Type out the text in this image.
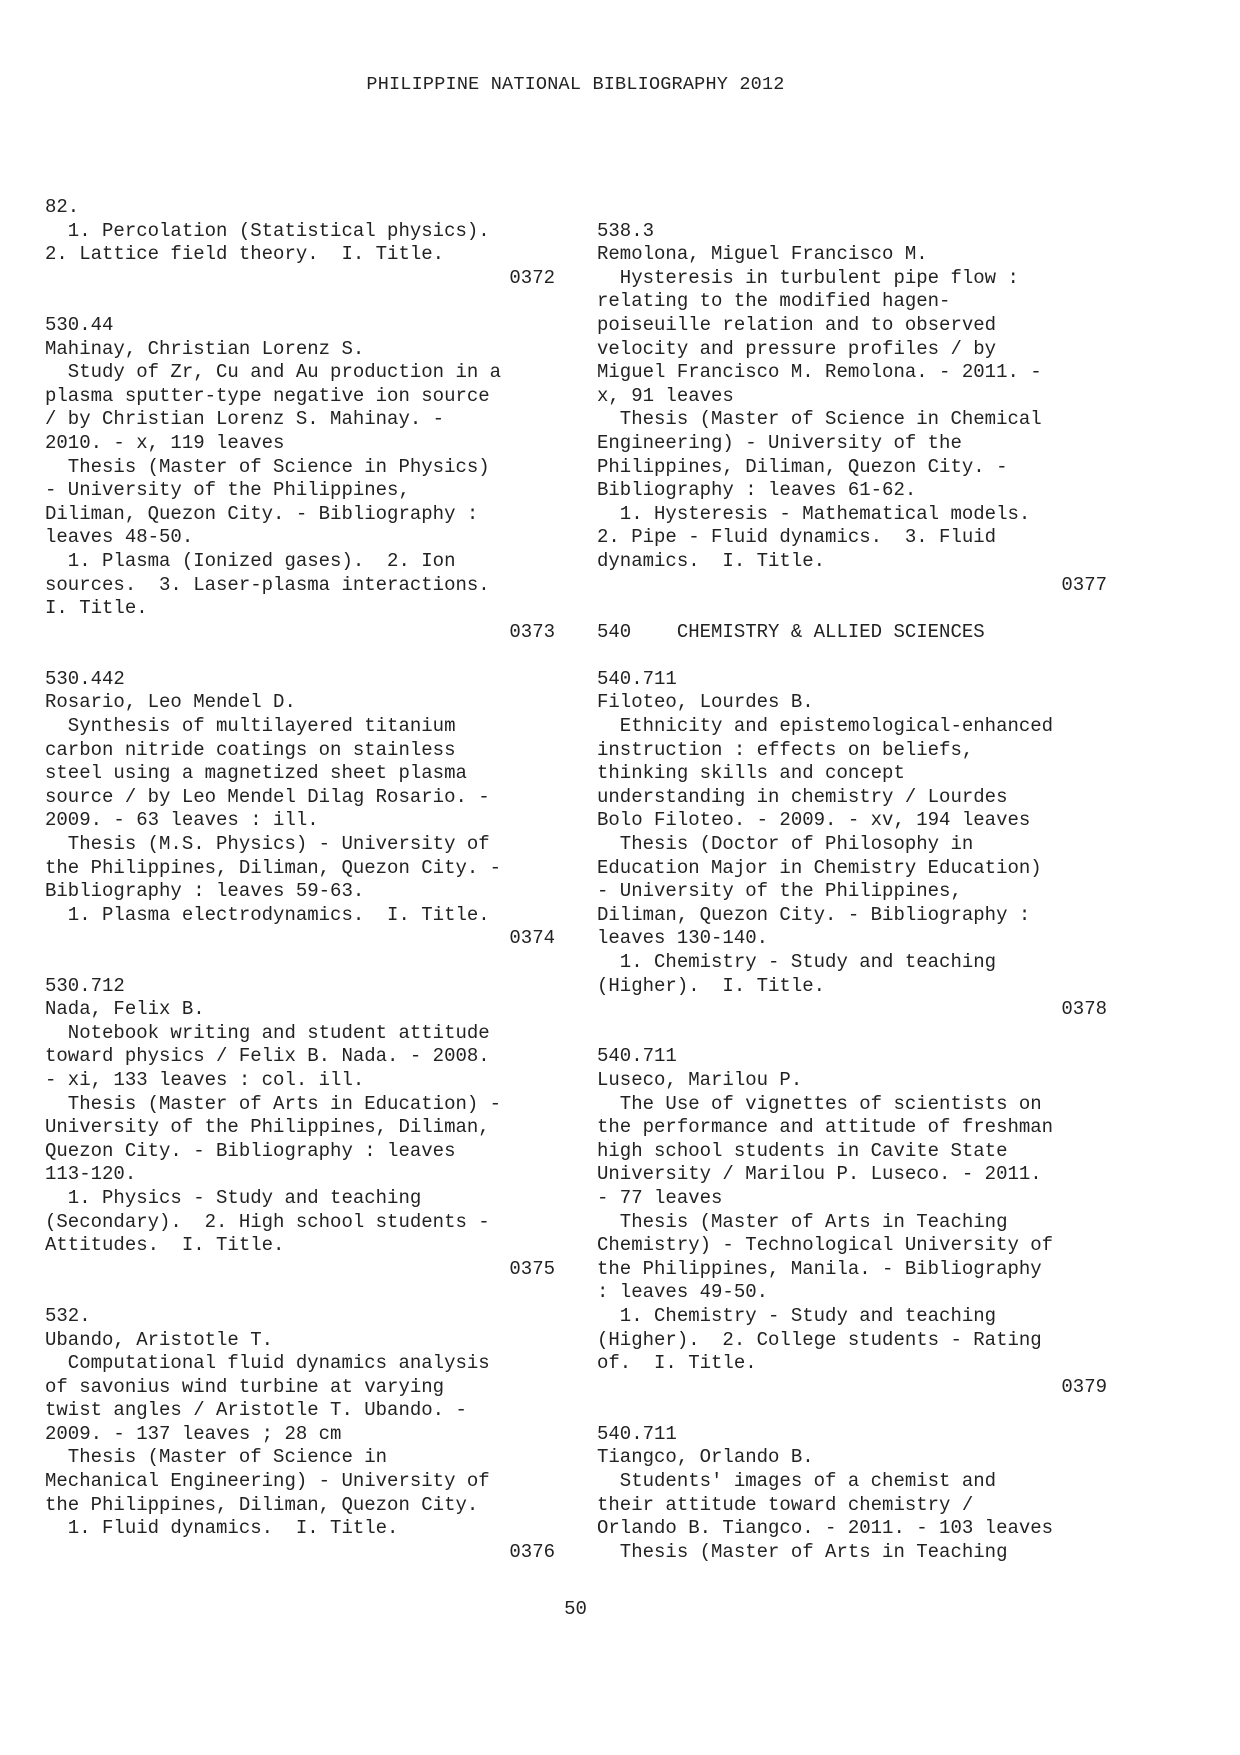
PHILIPPINE NATIONAL BIBLIOGRAPHY 2012
82.
1. Percolation (Statistical physics).
2. Lattice field theory.  I. Title.
0372
530.44
Mahinay, Christian Lorenz S.
Study of Zr, Cu and Au production in a
plasma sputter-type negative ion source
/ by Christian Lorenz S. Mahinay. -
2010. - x, 119 leaves
Thesis (Master of Science in Physics)
- University of the Philippines,
Diliman, Quezon City. - Bibliography :
leaves 48-50.
1. Plasma (Ionized gases).  2. Ion
sources.  3. Laser-plasma interactions.
I. Title.
0373
530.442
Rosario, Leo Mendel D.
Synthesis of multilayered titanium
carbon nitride coatings on stainless
steel using a magnetized sheet plasma
source / by Leo Mendel Dilag Rosario. -
2009. - 63 leaves : ill.
Thesis (M.S. Physics) - University of
the Philippines, Diliman, Quezon City. -
Bibliography : leaves 59-63.
1. Plasma electrodynamics.  I. Title.
0374
530.712
Nada, Felix B.
Notebook writing and student attitude
toward physics / Felix B. Nada. - 2008.
- xi, 133 leaves : col. ill.
Thesis (Master of Arts in Education) -
University of the Philippines, Diliman,
Quezon City. - Bibliography : leaves
113-120.
1. Physics - Study and teaching
(Secondary).  2. High school students -
Attitudes.  I. Title.
0375
532.
Ubando, Aristotle T.
Computational fluid dynamics analysis
of savonius wind turbine at varying
twist angles / Aristotle T. Ubando. -
2009. - 137 leaves ; 28 cm
Thesis (Master of Science in
Mechanical Engineering) - University of
the Philippines, Diliman, Quezon City.
1. Fluid dynamics.  I. Title.
0376
538.3
Remolona, Miguel Francisco M.
Hysteresis in turbulent pipe flow :
relating to the modified hagen-
poiseuille relation and to observed
velocity and pressure profiles / by
Miguel Francisco M. Remolona. - 2011. -
x, 91 leaves
Thesis (Master of Science in Chemical
Engineering) - University of the
Philippines, Diliman, Quezon City. -
Bibliography : leaves 61-62.
1. Hysteresis - Mathematical models.
2. Pipe - Fluid dynamics.  3. Fluid
dynamics.  I. Title.
0377
540    CHEMISTRY & ALLIED SCIENCES
540.711
Filoteo, Lourdes B.
Ethnicity and epistemological-enhanced
instruction : effects on beliefs,
thinking skills and concept
understanding in chemistry / Lourdes
Bolo Filoteo. - 2009. - xv, 194 leaves
Thesis (Doctor of Philosophy in
Education Major in Chemistry Education)
- University of the Philippines,
Diliman, Quezon City. - Bibliography :
leaves 130-140.
1. Chemistry - Study and teaching
(Higher).  I. Title.
0378
540.711
Luseco, Marilou P.
The Use of vignettes of scientists on
the performance and attitude of freshman
high school students in Cavite State
University / Marilou P. Luseco. - 2011.
- 77 leaves
Thesis (Master of Arts in Teaching
Chemistry) - Technological University of
the Philippines, Manila. - Bibliography
: leaves 49-50.
1. Chemistry - Study and teaching
(Higher).  2. College students - Rating
of.  I. Title.
0379
540.711
Tiangco, Orlando B.
Students' images of a chemist and
their attitude toward chemistry /
Orlando B. Tiangco. - 2011. - 103 leaves
Thesis (Master of Arts in Teaching
50
